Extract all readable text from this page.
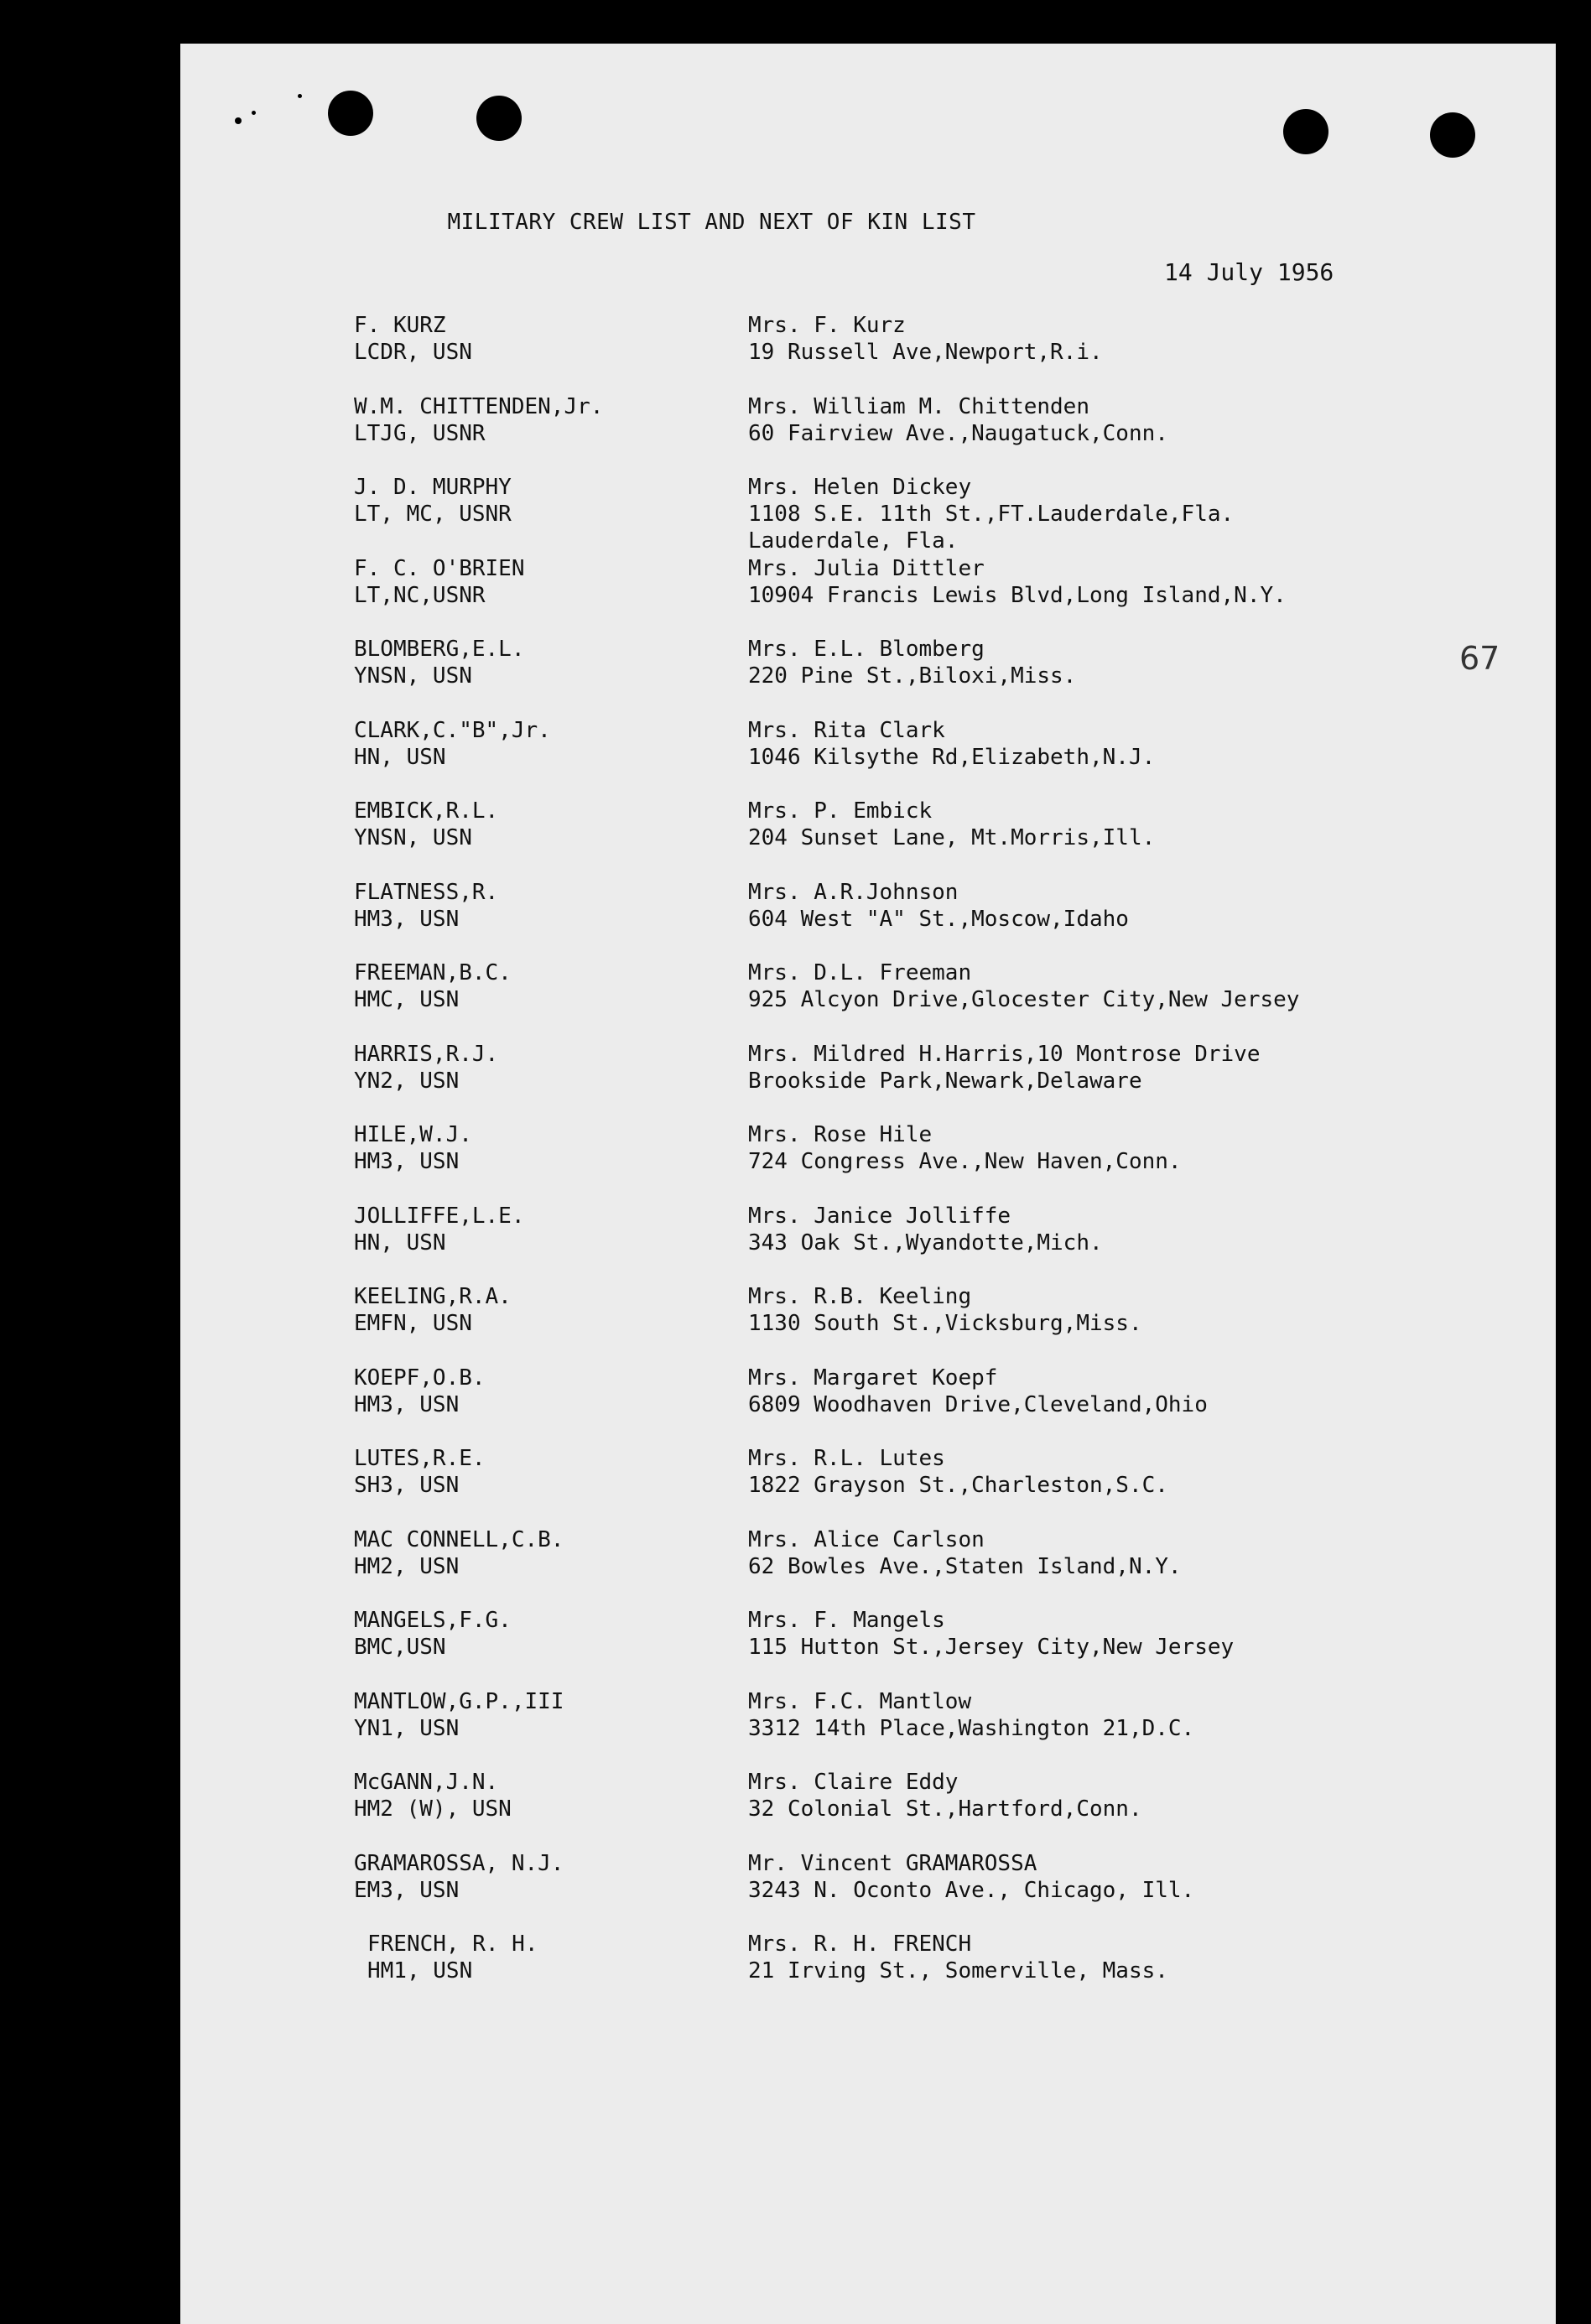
MILITARY CREW LIST AND NEXT OF KIN LIST
14 July 1956
67
F. KURZ
LCDR, USN
Mrs. F. Kurz
19 Russell Ave,Newport,R.i.
W.M. CHITTENDEN,Jr.
LTJG, USNR
Mrs. William M. Chittenden
60 Fairview Ave.,Naugatuck,Conn.
J. D. MURPHY
LT, MC, USNR
Mrs. Helen Dickey
1108 S.E. 11th St.,FT.Lauderdale,Fla.
Lauderdale, Fla.
F. C. O'BRIEN
LT,NC,USNR
Mrs. Julia Dittler
10904 Francis Lewis Blvd,Long Island,N.Y.
BLOMBERG,E.L.
YNSN, USN
Mrs. E.L. Blomberg
220 Pine St.,Biloxi,Miss.
CLARK,C."B",Jr.
HN, USN
Mrs. Rita Clark
1046 Kilsythe Rd,Elizabeth,N.J.
EMBICK,R.L.
YNSN, USN
Mrs. P. Embick
204 Sunset Lane, Mt.Morris,Ill.
FLATNESS,R.
HM3, USN
Mrs. A.R.Johnson
604 West "A" St.,Moscow,Idaho
FREEMAN,B.C.
HMC, USN
Mrs. D.L. Freeman
925 Alcyon Drive,Glocester City,New Jersey
HARRIS,R.J.
YN2, USN
Mrs. Mildred H.Harris,10 Montrose Drive
Brookside Park,Newark,Delaware
HILE,W.J.
HM3, USN
Mrs. Rose Hile
724 Congress Ave.,New Haven,Conn.
JOLLIFFE,L.E.
HN, USN
Mrs. Janice Jolliffe
343 Oak St.,Wyandotte,Mich.
KEELING,R.A.
EMFN, USN
Mrs. R.B. Keeling
1130 South St.,Vicksburg,Miss.
KOEPF,O.B.
HM3, USN
Mrs. Margaret Koepf
6809 Woodhaven Drive,Cleveland,Ohio
LUTES,R.E.
SH3, USN
Mrs. R.L. Lutes
1822 Grayson St.,Charleston,S.C.
MAC CONNELL,C.B.
HM2, USN
Mrs. Alice Carlson
62 Bowles Ave.,Staten Island,N.Y.
MANGELS,F.G.
BMC,USN
Mrs. F. Mangels
115 Hutton St.,Jersey City,New Jersey
MANTLOW,G.P.,III
YN1, USN
Mrs. F.C. Mantlow
3312 14th Place,Washington 21,D.C.
McGANN,J.N.
HM2 (W), USN
Mrs. Claire Eddy
32 Colonial St.,Hartford,Conn.
GRAMAROSSA, N.J.
EM3, USN
Mr. Vincent GRAMAROSSA
3243 N. Oconto Ave., Chicago, Ill.
FRENCH, R. H.
HM1, USN
Mrs. R. H. FRENCH
21 Irving St., Somerville, Mass.
